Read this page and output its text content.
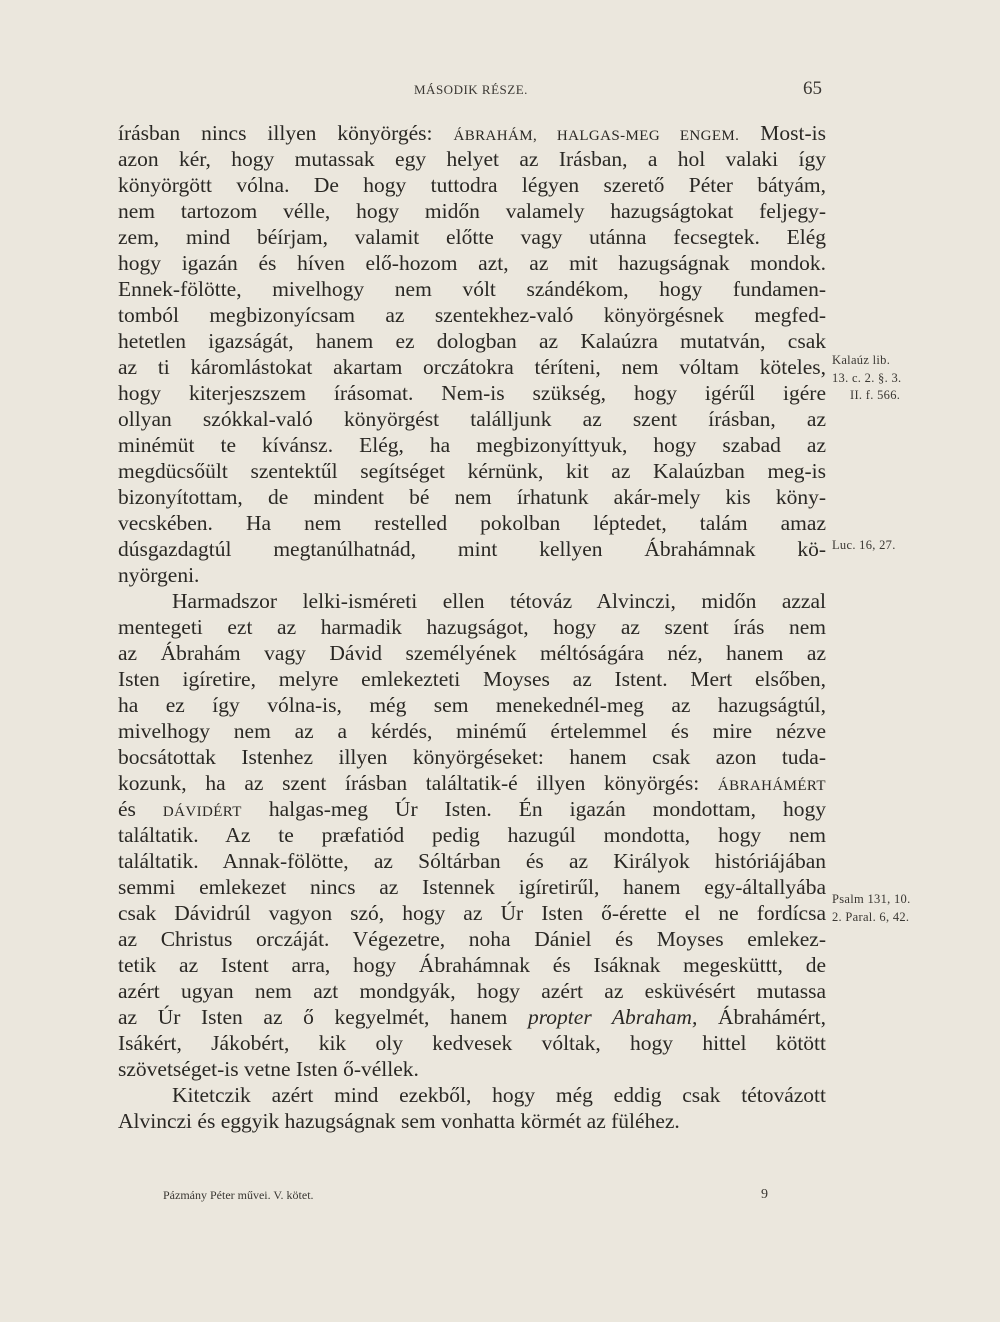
MÁSODIK RÉSZE.	65
írásban nincs illyen könyörgés: ÁBRAHÁM, HALGAS-MEG ENGEM. Most-is
azon kér, hogy mutassak egy helyet az Irásban, a hol valaki így
könyörgött vólna. De hogy tuttodra légyen szerető Péter bátyám,
nem tartozom vélle, hogy midőn valamely hazugságtokat feljegy-
zem, mind béírjam, valamit előtte vagy utánna fecsegtek. Elég
hogy igazán és híven elő-hozom azt, az mit hazugságnak mondok.
Ennek-fölötte, mivelhogy nem vólt szándékom, hogy fundamen-
tomból megbizonyícsam az szentekhez-való könyörgésnek megfed-
hetetlen igazságát, hanem ez dologban az Kalaúzra mutatván, csak
az ti káromlástokat akartam orczátokra téríteni, nem vóltam köteles,
hogy kiterjeszszem írásomat. Nem-is szükség, hogy igérűl igére
ollyan szókkal-való könyörgést találljunk az szent írásban, az
minémüt te kívánsz. Elég, ha megbizonyíttyuk, hogy szabad az
megdücsőült szentektűl segítséget kérnünk, kit az Kalaúzban meg-is
bizonyítottam, de mindent bé nem írhatunk akár-mely kis köny-
vecskében. Ha nem restelled pokolban léptedet, talám amaz
dúsgazdagtúl megtanúlhatnád, mint kellyen Ábrahámnak kö-
nyörgeni.
Harmadszor lelki-isméreti ellen tétováz Alvinczi, midőn azzal
mentegeti ezt az harmadik hazugságot, hogy az szent írás nem
az Ábrahám vagy Dávid személyének méltóságára néz, hanem az
Isten igíretire, melyre emlekezteti Moyses az Istent. Mert elsőben,
ha ez így vólna-is, még sem menekednél-meg az hazugságtúl,
mivelhogy nem az a kérdés, minémű értelemmel és mire nézve
bocsátottak Istenhez illyen könyörgéseket: hanem csak azon tuda-
kozunk, ha az szent írásban találtatik-é illyen könyörgés: ÁBRAHÁMÉRT
és DÁVIDÉRT halgas-meg Úr Isten. Én igazán mondottam, hogy
találtatik. Az te præfatiód pedig hazugúl mondotta, hogy nem
találtatik. Annak-fölötte, az Sóltárban és az Királyok históriájában
semmi emlekezet nincs az Istennek igíretirűl, hanem egy-általlyába
csak Dávidrúl vagyon szó, hogy az Úr Isten ő-érette el ne fordícsa
az Christus orczáját. Végezetre, noha Dániel és Moyses emlekez-
tetik az Istent arra, hogy Ábrahámnak és Isáknak megesküttt, de
azért ugyan nem azt mondgyák, hogy azért az esküvésért mutassa
az Úr Isten az ő kegyelmét, hanem propter Abraham, Ábrahámért,
Isákért, Jákobért, kik oly kedvesek vóltak, hogy hittel kötött
szövetséget-is vetne Isten ő-véllek.
Kitetczik azért mind ezekből, hogy még eddig csak tétovázott
Alvinczi és eggyik hazugságnak sem vonhatta körmét az füléhez.
Kalaúz lib.
13. c. 2. §. 3.
II. f. 566.
Luc. 16, 27.
Psalm 131, 10.
2. Paral. 6, 42.
Pázmány Péter művei. V. kötet.	9
